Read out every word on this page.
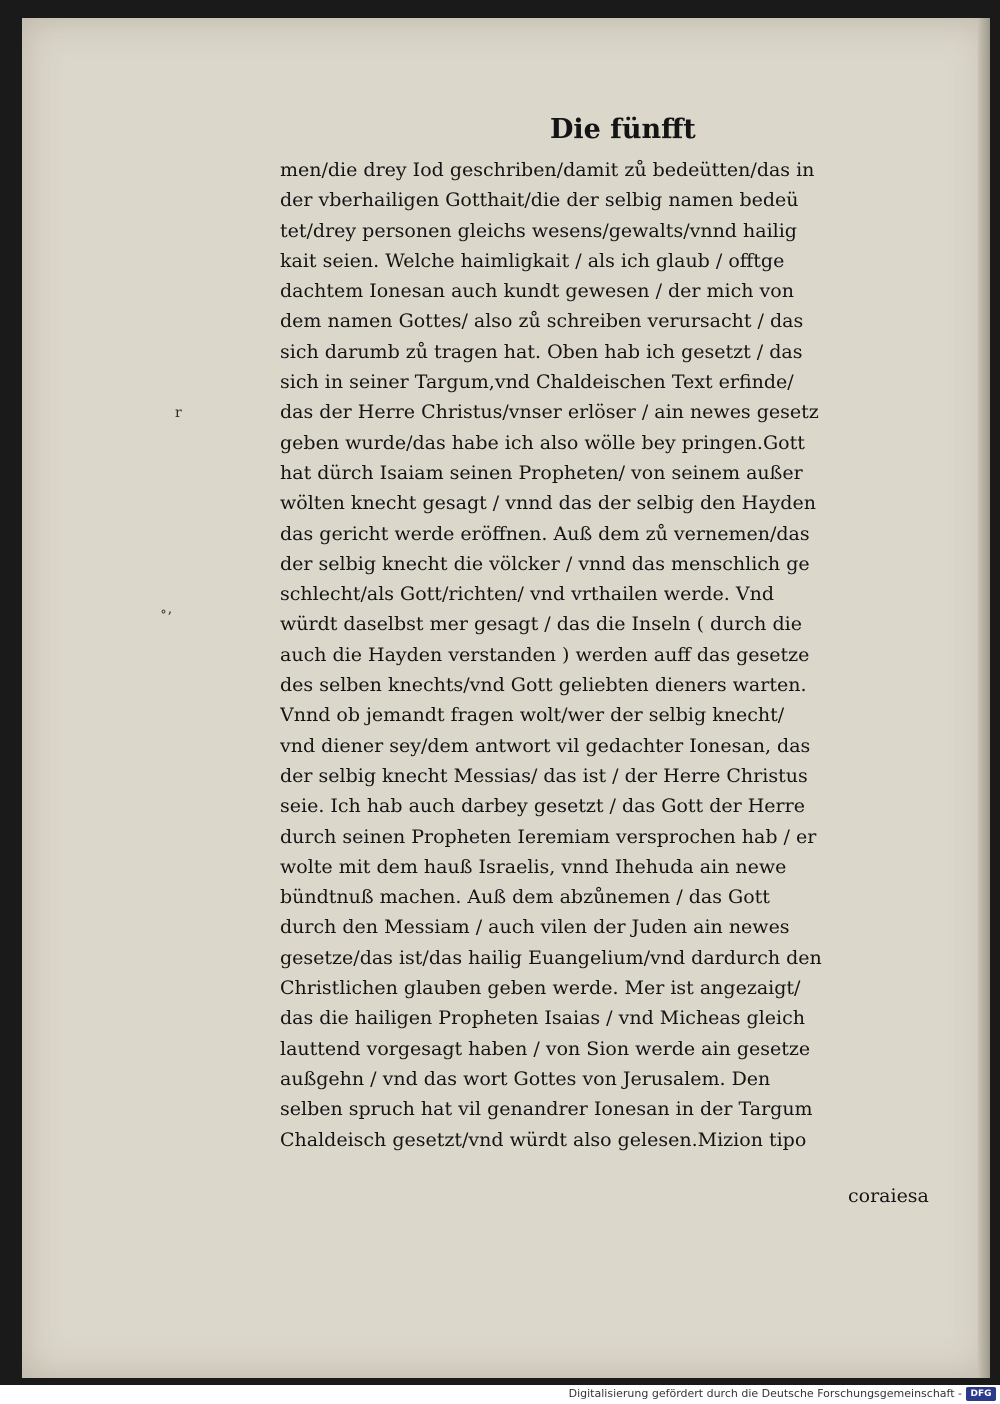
r
˚ʼ
Die fünfft
men/die drey Iod geschriben/damit zů bedeütten/das in
der vberhailigen Gotthait/die der selbig namen bedeü
tet/drey personen gleichs wesens/gewalts/vnnd hailig
kait seien. Welche haimligkait / als ich glaub / offtge
dachtem Ionesan auch kundt gewesen / der mich von
dem namen Gottes/ also zů schreiben verursacht / das
sich darumb zů tragen hat. Oben hab ich gesetzt / das
sich in seiner Targum,vnd Chaldeischen Text erfinde/
das der Herre Christus/vnser erlöser / ain newes gesetz
geben wurde/das habe ich also wölle bey pringen.Gott
hat dürch Isaiam seinen Propheten/ von seinem außer
wölten knecht gesagt / vnnd das der selbig den Hayden
das gericht werde eröffnen. Auß dem zů vernemen/das
der selbig knecht die völcker / vnnd das menschlich ge
schlecht/als Gott/richten/ vnd vrthailen werde. Vnd
würdt daselbst mer gesagt / das die Inseln ( durch die
auch die Hayden verstanden ) werden auff das gesetze
des selben knechts/vnd Gott geliebten dieners warten.
Vnnd ob jemandt fragen wolt/wer der selbig knecht/
vnd diener sey/dem antwort vil gedachter Ionesan, das
der selbig knecht Messias/ das ist / der Herre Christus
seie. Ich hab auch darbey gesetzt / das Gott der Herre
durch seinen Propheten Ieremiam versprochen hab / er
wolte mit dem hauß Israelis, vnnd Ihehuda ain newe
bündtnuß machen. Auß dem abzůnemen / das Gott
durch den Messiam / auch vilen der Juden ain newes
gesetze/das ist/das hailig Euangelium/vnd dardurch den
Christlichen glauben geben werde. Mer ist angezaigt/
das die hailigen Propheten Isaias / vnd Micheas gleich
lauttend vorgesagt haben / von Sion werde ain gesetze
außgehn / vnd das wort Gottes von Jerusalem. Den
selben spruch hat vil genandrer Ionesan in der Targum
Chaldeisch gesetzt/vnd würdt also gelesen.Mizion tipo
coraiesa
Digitalisierung gefördert durch die Deutsche Forschungsgemeinschaft - DFG
